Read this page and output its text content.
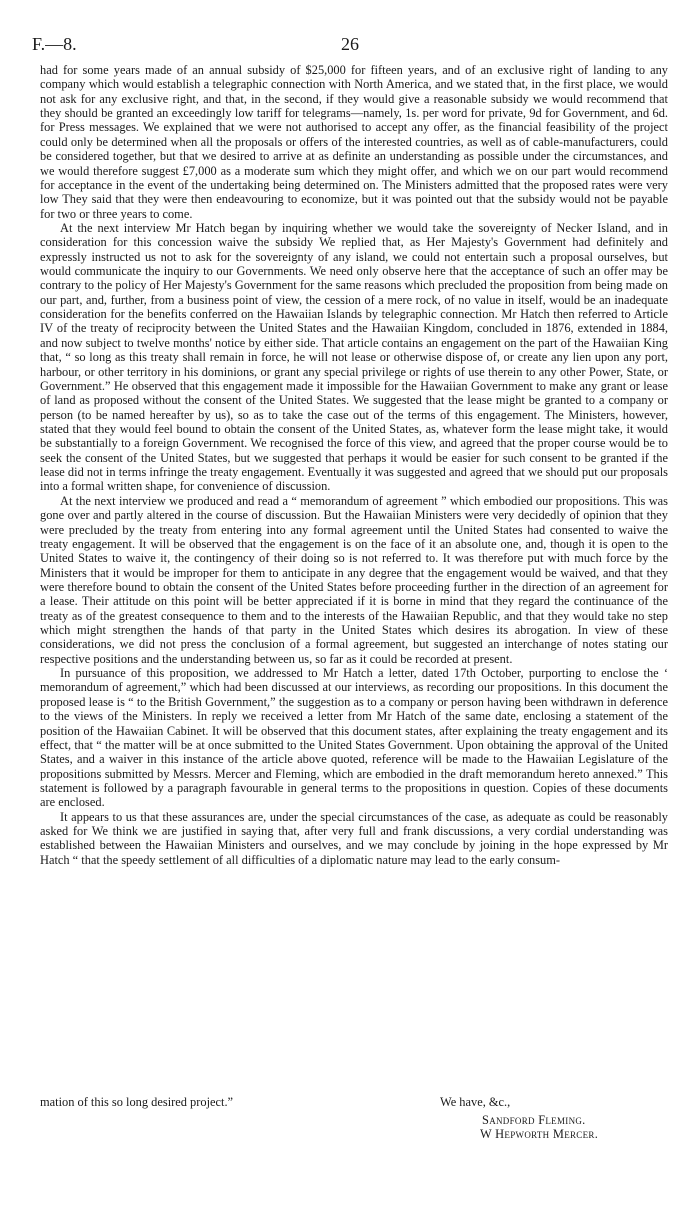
F.—8.	26

had for some years made of an annual subsidy of $25,000 for fifteen years, and of an exclusive right of landing to any company which would establish a telegraphic connection with North America, and we stated that, in the first place, we would not ask for any exclusive right, and that, in the second, if they would give a reasonable subsidy we would recommend that they should be granted an exceedingly low tariff for telegrams—namely, 1s. per word for private, 9d for Government, and 6d. for Press messages. We explained that we were not authorised to accept any offer, as the financial feasibility of the project could only be determined when all the proposals or offers of the interested countries, as well as of cable-manufacturers, could be considered together, but that we desired to arrive at as definite an understanding as possible under the circumstances, and we would therefore suggest £7,000 as a moderate sum which they might offer, and which we on our part would recommend for acceptance in the event of the undertaking being determined on. The Ministers admitted that the proposed rates were very low They said that they were then endeavouring to economize, but it was pointed out that the subsidy would not be payable for two or three years to come.

At the next interview Mr Hatch began by inquiring whether we would take the sovereignty of Necker Island, and in consideration for this concession waive the subsidy We replied that, as Her Majesty's Government had definitely and expressly instructed us not to ask for the sovereignty of any island, we could not entertain such a proposal ourselves, but would communicate the inquiry to our Governments. We need only observe here that the acceptance of such an offer may be contrary to the policy of Her Majesty's Government for the same reasons which precluded the proposition from being made on our part, and, further, from a business point of view, the cession of a mere rock, of no value in itself, would be an inadequate consideration for the benefits conferred on the Hawaiian Islands by telegraphic connection. Mr Hatch then referred to Article IV of the treaty of reciprocity between the United States and the Hawaiian Kingdom, concluded in 1876, extended in 1884, and now subject to twelve months' notice by either side. That article contains an engagement on the part of the Hawaiian King that, “ so long as this treaty shall remain in force, he will not lease or otherwise dispose of, or create any lien upon any port, harbour, or other territory in his dominions, or grant any special privilege or rights of use therein to any other Power, State, or Government.” He observed that this engagement made it impossible for the Hawaiian Government to make any grant or lease of land as proposed without the consent of the United States. We suggested that the lease might be granted to a company or person (to be named hereafter by us), so as to take the case out of the terms of this engagement. The Ministers, however, stated that they would feel bound to obtain the consent of the United States, as, whatever form the lease might take, it would be substantially to a foreign Government. We recognised the force of this view, and agreed that the proper course would be to seek the consent of the United States, but we suggested that perhaps it would be easier for such consent to be granted if the lease did not in terms infringe the treaty engagement. Eventually it was suggested and agreed that we should put our proposals into a formal written shape, for convenience of discussion.

At the next interview we produced and read a “ memorandum of agreement ” which embodied our propositions. This was gone over and partly altered in the course of discussion. But the Hawaiian Ministers were very decidedly of opinion that they were precluded by the treaty from entering into any formal agreement until the United States had consented to waive the treaty engagement. It will be observed that the engagement is on the face of it an absolute one, and, though it is open to the United States to waive it, the contingency of their doing so is not referred to. It was therefore put with much force by the Ministers that it would be improper for them to anticipate in any degree that the engagement would be waived, and that they were therefore bound to obtain the consent of the United States before proceeding further in the direction of an agreement for a lease. Their attitude on this point will be better appreciated if it is borne in mind that they regard the continuance of the treaty as of the greatest consequence to them and to the interests of the Hawaiian Republic, and that they would take no step which might strengthen the hands of that party in the United States which desires its abrogation. In view of these considerations, we did not press the conclusion of a formal agreement, but suggested an interchange of notes stating our respective positions and the understanding between us, so far as it could be recorded at present.

In pursuance of this proposition, we addressed to Mr Hatch a letter, dated 17th October, purporting to enclose the ‘ memorandum of agreement,” which had been discussed at our interviews, as recording our propositions. In this document the proposed lease is “ to the British Government,” the suggestion as to a company or person having been withdrawn in deference to the views of the Ministers. In reply we received a letter from Mr Hatch of the same date, enclosing a statement of the position of the Hawaiian Cabinet. It will be observed that this document states, after explaining the treaty engagement and its effect, that “ the matter will be at once submitted to the United States Government. Upon obtaining the approval of the United States, and a waiver in this instance of the article above quoted, reference will be made to the Hawaiian Legislature of the propositions submitted by Messrs. Mercer and Fleming, which are embodied in the draft memorandum hereto annexed.” This statement is followed by a paragraph favourable in general terms to the propositions in question. Copies of these documents are enclosed.

It appears to us that these assurances are, under the special circumstances of the case, as adequate as could be reasonably asked for We think we are justified in saying that, after very full and frank discussions, a very cordial understanding was established between the Hawaiian Ministers and ourselves, and we may conclude by joining in the hope expressed by Mr Hatch “ that the speedy settlement of all difficulties of a diplomatic nature may lead to the early consum-

mation of this so long desired project.”	We have, &c.,
Sandford Fleming.
W Hepworth Mercer.
